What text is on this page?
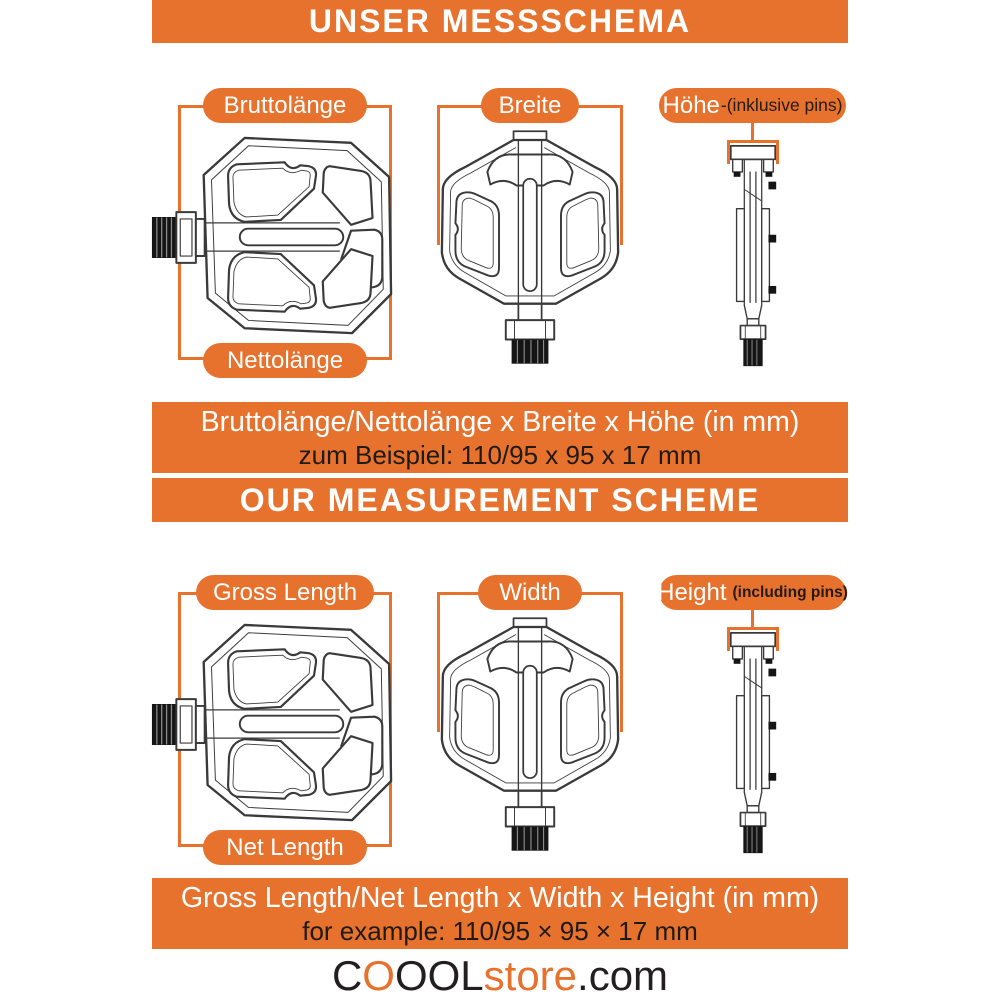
UNSER MESSSCHEMA
Bruttolänge
Nettolänge
Breite	Höhe -(inklusive pins)
Bruttolänge/Nettolänge x Breite x Höhe (in mm)
zum Beispiel: 110/95 x 95 x 17 mm
OUR MEASUREMENT SCHEME
Gross Length
Net Length
Width	Height (including pins)
Gross Length/Net Length x Width x Height (in mm)
for example: 110/95 × 95 × 17 mm
COOOLstore.com
